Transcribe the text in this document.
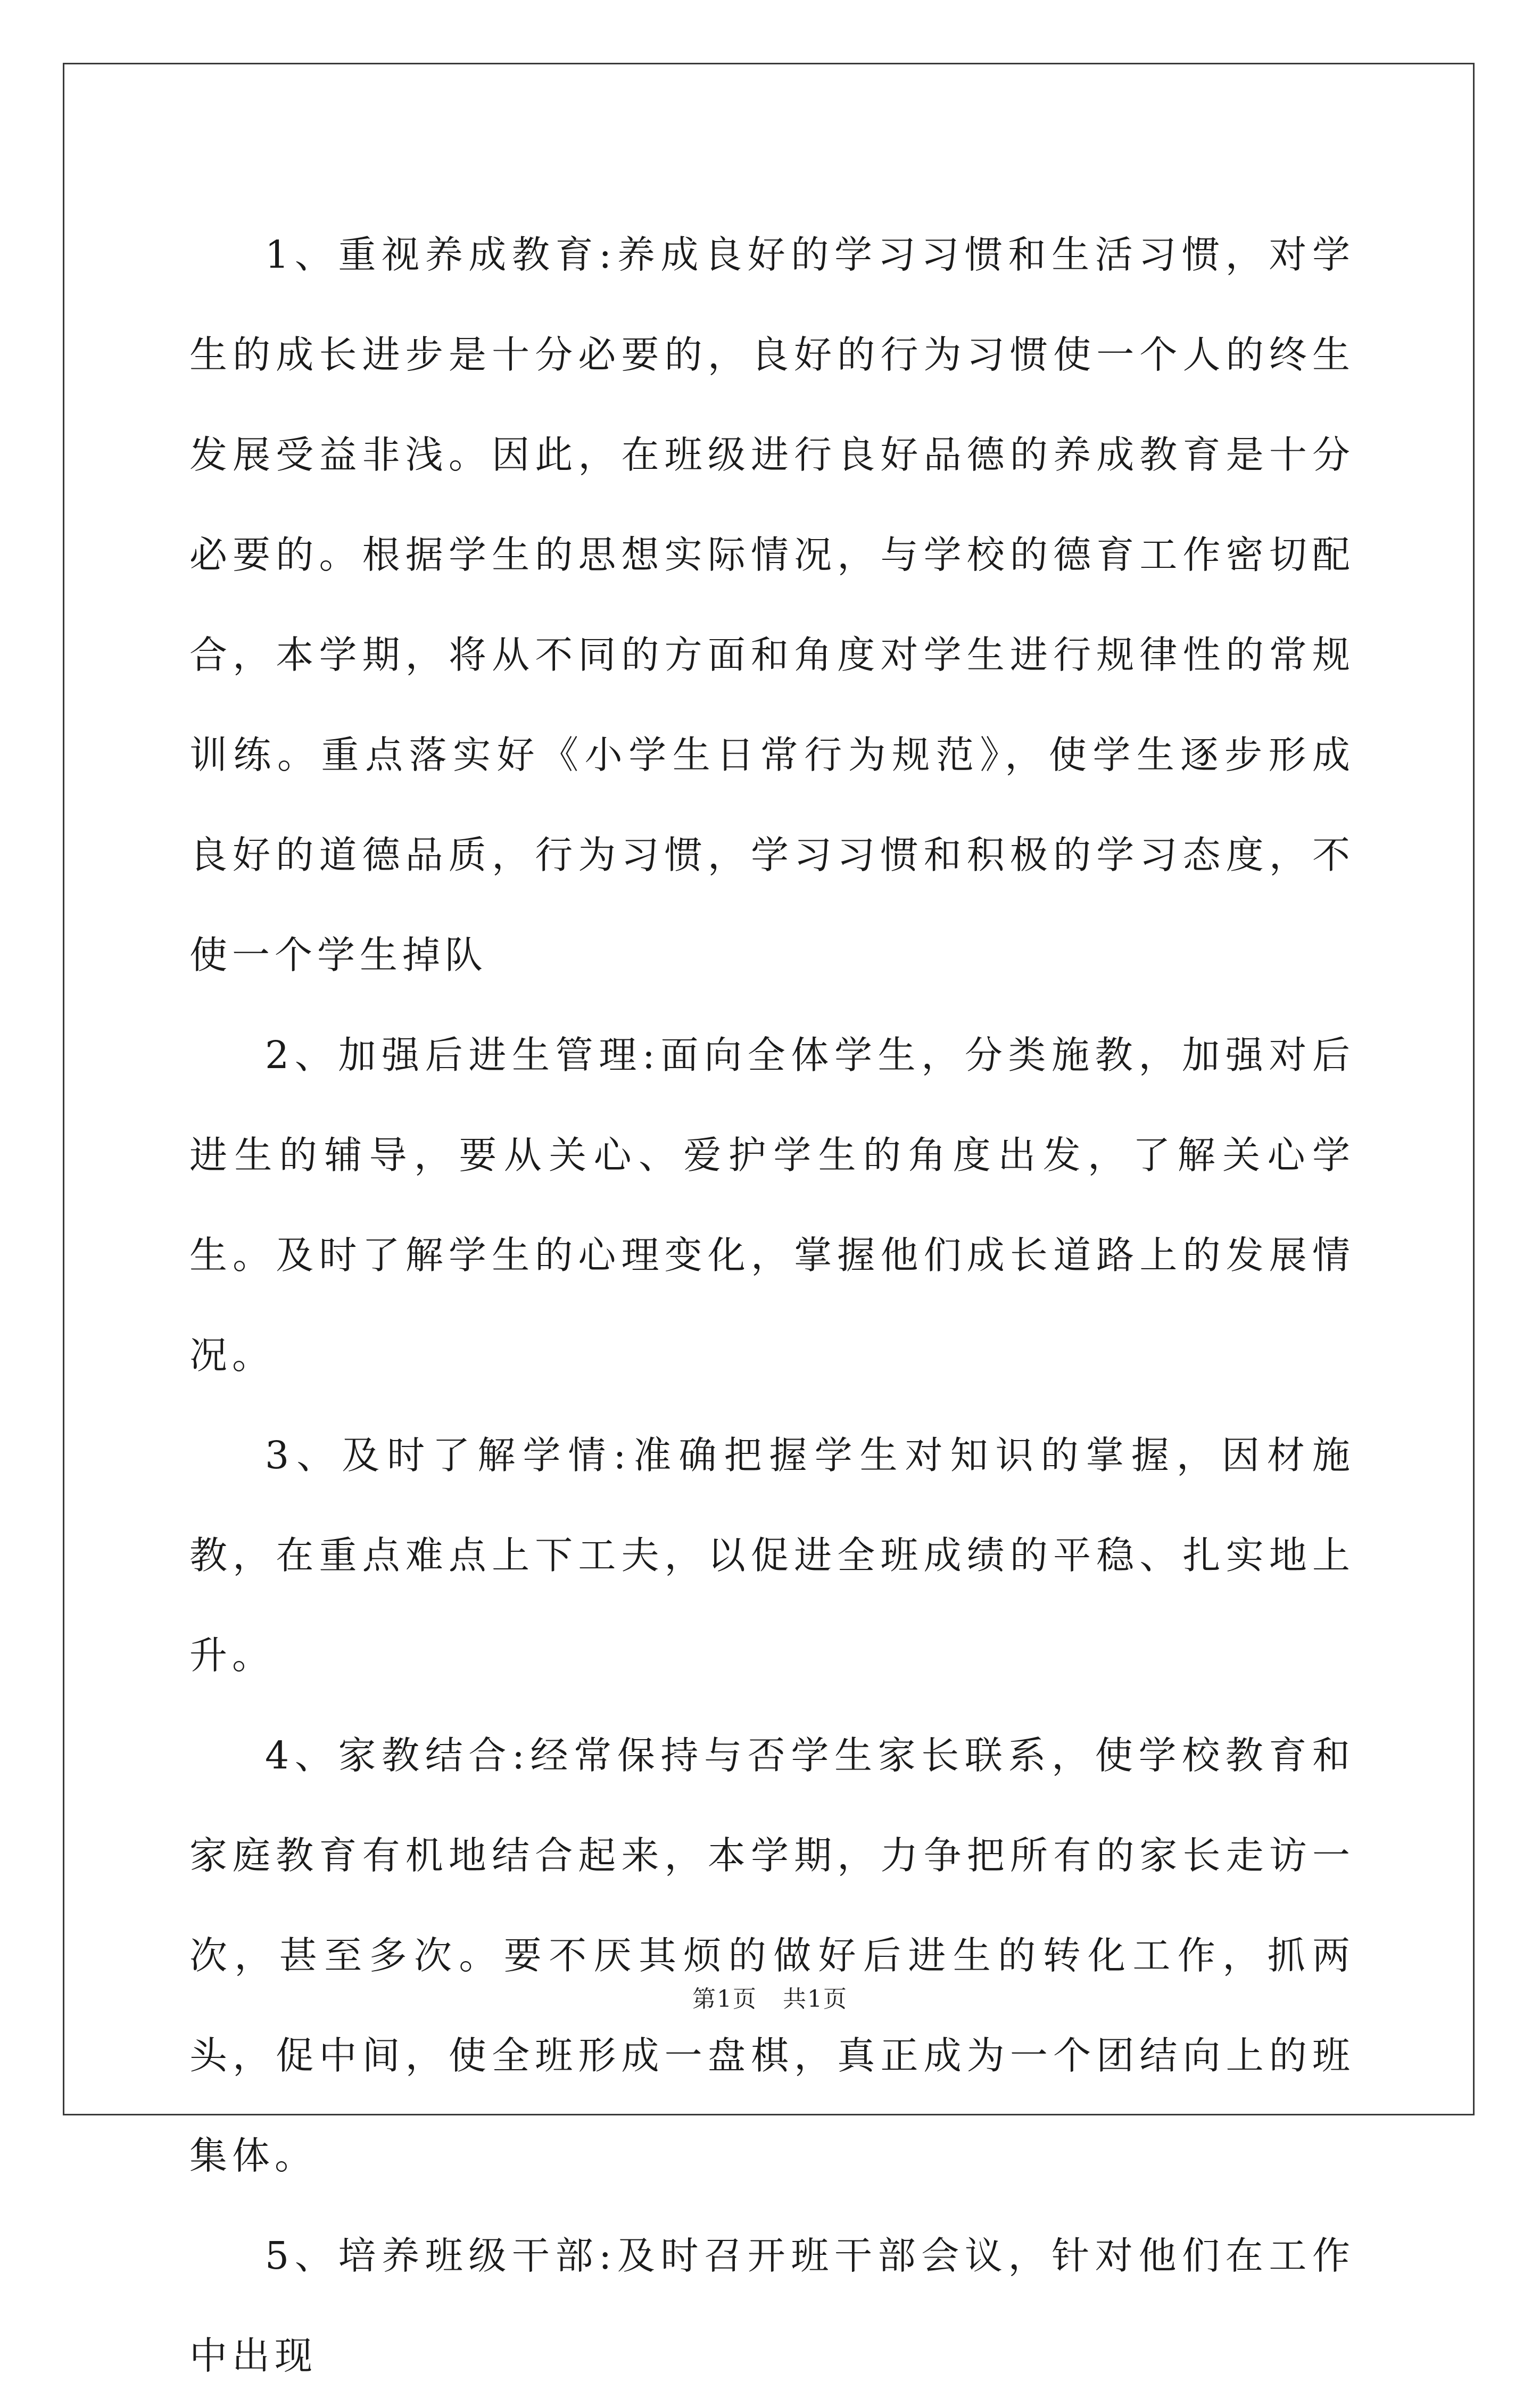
1、重视养成教育:养成良好的学习习惯和生活习惯，对学生的成长进步是十分必要的，良好的行为习惯使一个人的终生发展受益非浅。因此，在班级进行良好品德的养成教育是十分必要的。根据学生的思想实际情况，与学校的德育工作密切配合，本学期，将从不同的方面和角度对学生进行规律性的常规训练。重点落实好《小学生日常行为规范》，使学生逐步形成良好的道德品质，行为习惯，学习习惯和积极的学习态度，不使一个学生掉队

2、加强后进生管理:面向全体学生，分类施教，加强对后进生的辅导，要从关心、爱护学生的角度出发，了解关心学生。及时了解学生的心理变化，掌握他们成长道路上的发展情况。

3、及时了解学情:准确把握学生对知识的掌握，因材施教，在重点难点上下工夫，以促进全班成绩的平稳、扎实地上升。

4、家教结合:经常保持与否学生家长联系，使学校教育和家庭教育有机地结合起来，本学期，力争把所有的家长走访一次，甚至多次。要不厌其烦的做好后进生的转化工作，抓两头，促中间，使全班形成一盘棋，真正成为一个团结向上的班集体。

5、培养班级干部:及时召开班干部会议，针对他们在工作中出现

第1页 共1页
